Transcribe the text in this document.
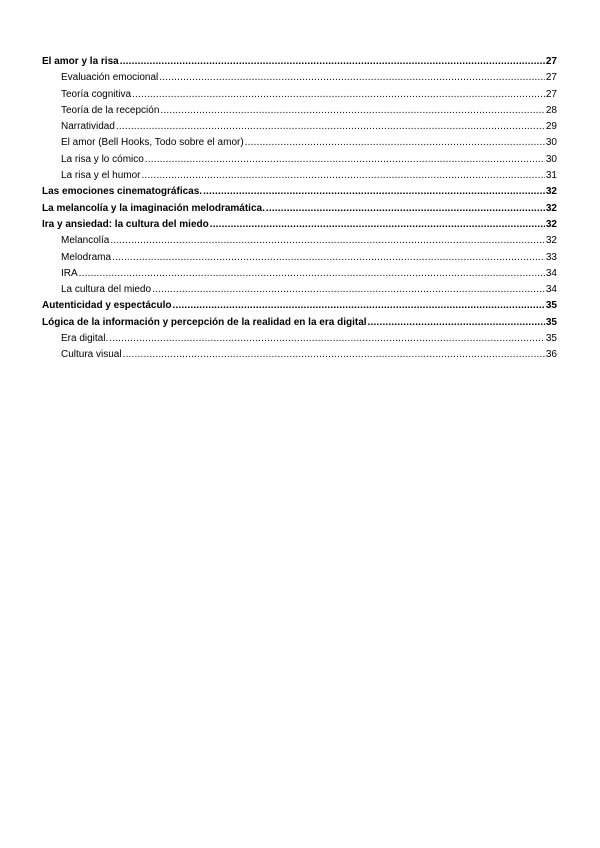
El amor y la risa .....	27
Evaluación emocional .....	27
Teoría cognitiva .....	27
Teoría de la recepción .....	28
Narratividad .....	29
El amor (Bell Hooks, Todo sobre el amor) .....	30
La risa y lo cómico .....	30
La risa y el humor .....	31
Las emociones cinematográficas. .....	32
La melancolía y la imaginación melodramática. .....	32
Ira y ansiedad: la cultura del miedo .....	32
Melancolía .....	32
Melodrama .....	33
IRA .....	34
La cultura del miedo .....	34
Autenticidad y espectáculo .....	35
Lógica de la información y percepción de la realidad en la era digital .....	35
Era digital. .....	35
Cultura visual .....	36
